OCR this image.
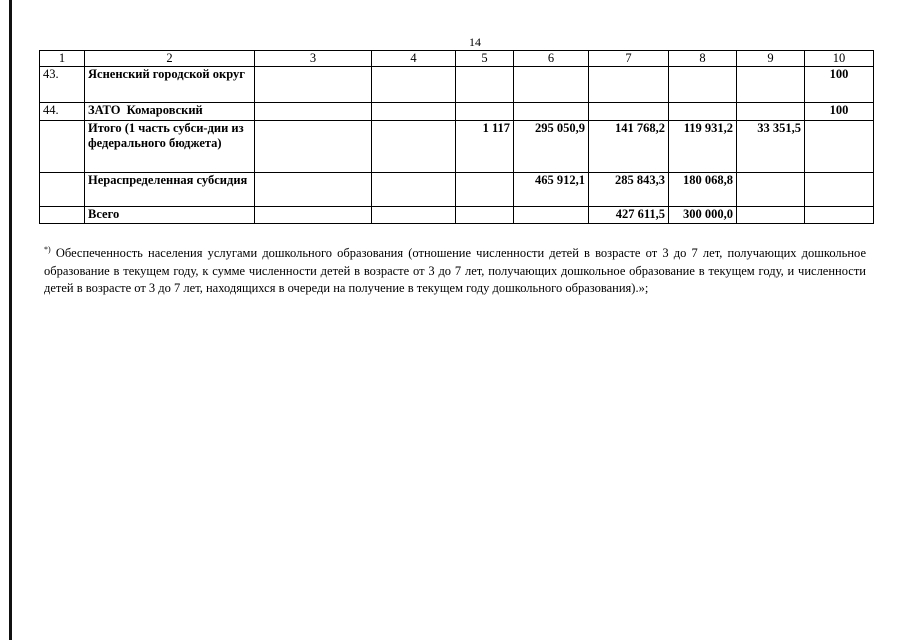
14
1	2	3	4	5	6	7	8	9	10
43.	Ясненский городской округ								100
44.	ЗАТО  Комаровский								100
	Итого (1 часть субси-дии из федерального бюджета)			1 117	295 050,9	141 768,2	119 931,2	33 351,5	
	Нераспределенная субсидия				465 912,1	285 843,3	180 068,8		
	Всего					427 611,5	300 000,0		
*) Обеспеченность населения услугами дошкольного образования (отношение численности детей в возрасте от 3 до 7 лет, получающих дошкольное образование в текущем году, к сумме численности детей в возрасте от 3 до 7 лет, получающих дошкольное образование в текущем году, и численности детей в возрасте от 3 до 7 лет, находящихся в очереди на получение в текущем году дошкольного образования).»;
